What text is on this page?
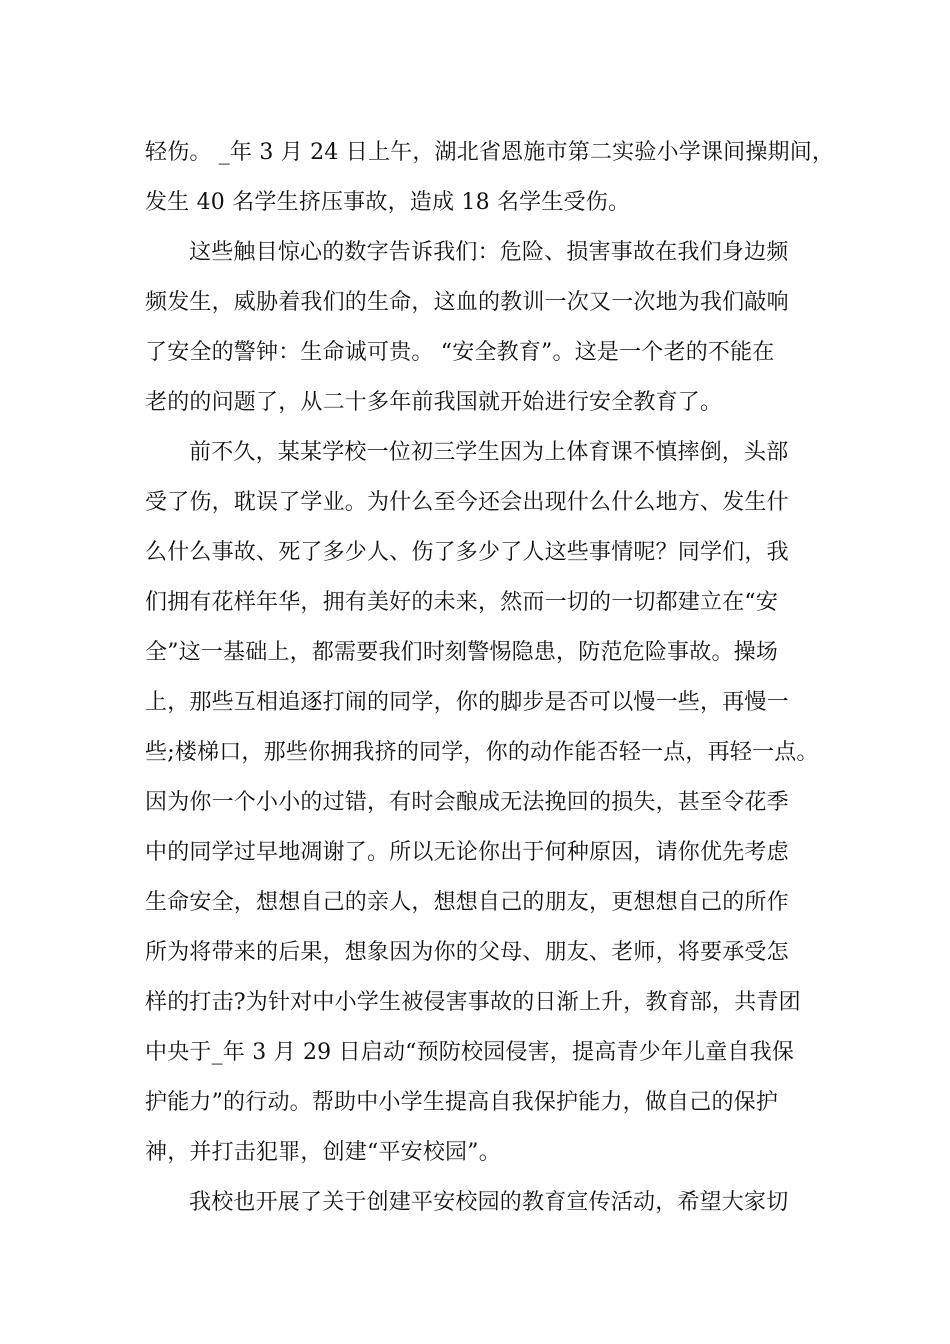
轻伤。 _年 3 月 24 日上午，湖北省恩施市第二实验小学课间操期间，
发生 40 名学生挤压事故，造成 18 名学生受伤。
这些触目惊心的数字告诉我们：危险、损害事故在我们身边频
频发生，威胁着我们的生命，这血的教训一次又一次地为我们敲响
了安全的警钟：生命诚可贵。 “安全教育”。这是一个老的不能在
老的的问题了，从二十多年前我国就开始进行安全教育了。
前不久，某某学校一位初三学生因为上体育课不慎摔倒，头部
受了伤，耽误了学业。为什么至今还会出现什么什么地方、发生什
么什么事故、死了多少人、伤了多少了人这些事情呢？同学们，我
们拥有花样年华，拥有美好的未来，然而一切的一切都建立在“安
全”这一基础上，都需要我们时刻警惕隐患，防范危险事故。操场
上，那些互相追逐打闹的同学，你的脚步是否可以慢一些，再慢一
些;楼梯口，那些你拥我挤的同学，你的动作能否轻一点，再轻一点。
因为你一个小小的过错，有时会酿成无法挽回的损失，甚至令花季
中的同学过早地凋谢了。所以无论你出于何种原因，请你优先考虑
生命安全，想想自己的亲人，想想自己的朋友，更想想自己的所作
所为将带来的后果，想象因为你的父母、朋友、老师，将要承受怎
样的打击?为针对中小学生被侵害事故的日渐上升，教育部，共青团
中央于_年 3 月 29 日启动“预防校园侵害，提高青少年儿童自我保
护能力”的行动。帮助中小学生提高自我保护能力，做自己的保护
神，并打击犯罪，创建“平安校园”。
我校也开展了关于创建平安校园的教育宣传活动，希望大家切
